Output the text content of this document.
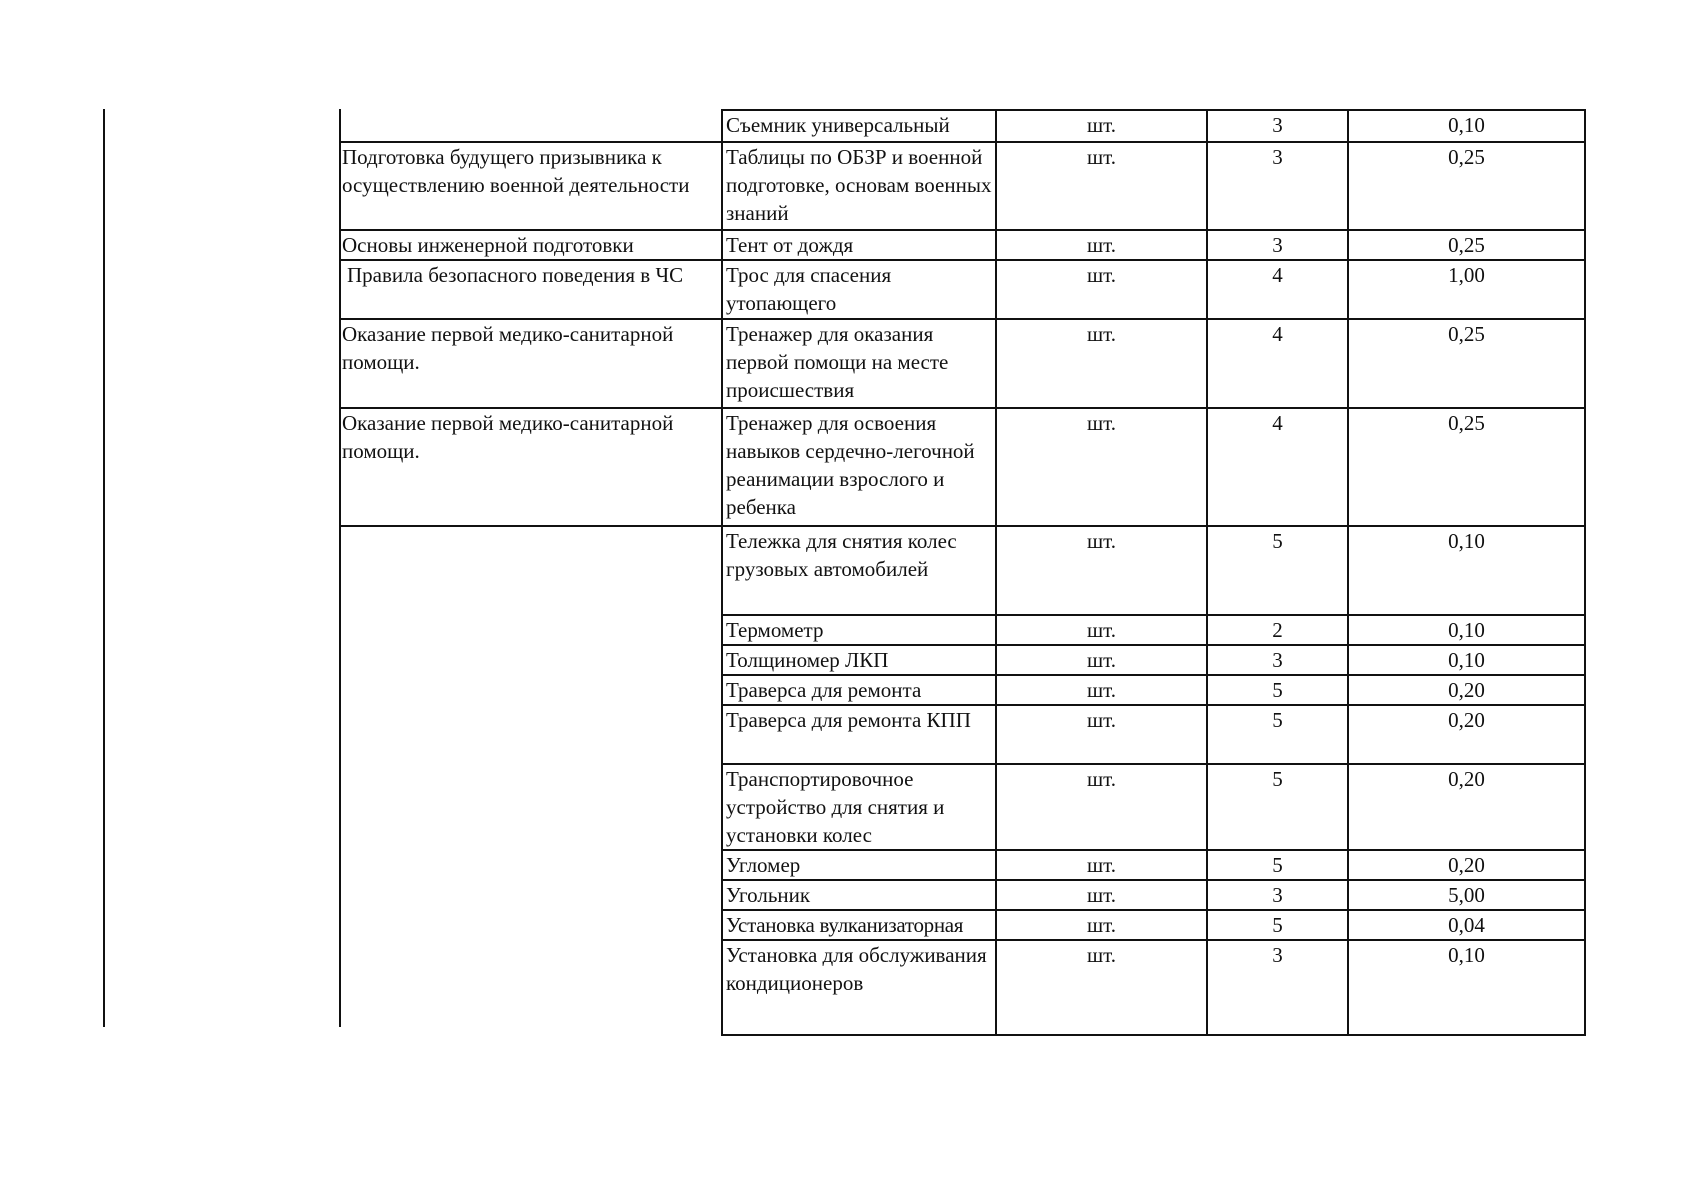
	Съемник универсальный	шт.	3	0,10
Подготовка будущего призывника к осуществлению военной деятельности	Таблицы по ОБЗР и военной подготовке, основам военных знаний	шт.	3	0,25
Основы инженерной подготовки	Тент от дождя	шт.	3	0,25
Правила безопасного поведения в ЧС	Трос для спасения утопающего	шт.	4	1,00
Оказание первой медико-санитарной помощи.	Тренажер для оказания первой помощи на месте происшествия	шт.	4	0,25
Оказание первой медико-санитарной помощи.	Тренажер для освоения навыков сердечно-легочной реанимации взрослого и ребенка	шт.	4	0,25
	Тележка для снятия колес грузовых автомобилей	шт.	5	0,10
	Термометр	шт.	2	0,10
	Толщиномер ЛКП	шт.	3	0,10
	Траверса для ремонта	шт.	5	0,20
	Траверса для ремонта КПП	шт.	5	0,20
	Транспортировочное устройство для снятия и установки колес	шт.	5	0,20
	Угломер	шт.	5	0,20
	Угольник	шт.	3	5,00
	Установка вулканизаторная	шт.	5	0,04
	Установка для обслуживания кондиционеров	шт.	3	0,10
